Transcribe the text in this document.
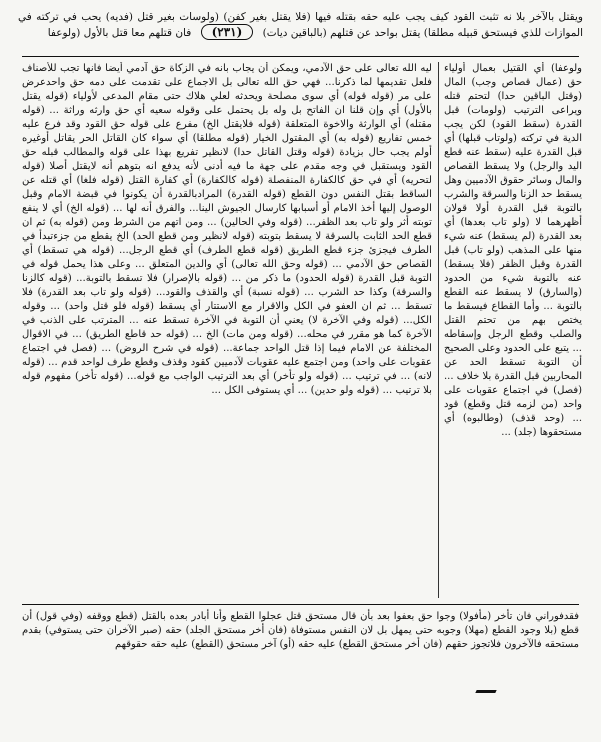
ويقتل بالآخر بلا نه تثبت القود كيف يجب عليه حقه بقتله فيها (فلا يقتل بغير كفن) (ولوسات بغير قتل (فديه) يحب في تركته في الموازات للذي فيستحق قبيله مطلقا) يقتل بواحد عن قتلهم (بالباقين ديات) (٢٣١) فان قتلهم معا قتل بالأول (ولوعفا
ليه الله تعالى على حق الآدمي، ويمكن أن يجاب بانه في الزكاة حق آدمي أيضا فانها تجب للأصناف فلعل تقديمها لما ذكرنا... فهي حق الله تعالى بل الاجماع على تقدمت على دمه حق واحدعرض على مر (قوله قوله) أي سوى مصلحة ويحدثه لعلي هلاك حتى مقام المدعى لأولياء (قوله يقتل بالأول) أي وإن قلنا ان الفاتح بل وله بل يحتمل على وقوله سعيه أي حق وارثه وراثة ... (قوله مقتله) أي الوارثة والاخوة المتعلقة (قوله فلايقتل الخ) مفرع على قوله حق القود وقد فرع عليه خمس تفاريع (قوله به) أي المقتول الخيار (قوله مطلقا) أي سواء كان القاتل الحر يقاتل أوغيره أولم يجب حال بزيادة (قوله وقتل القاتل حدا) لانظير تفريع بهذا على قوله والمطالب قبله حق القود ويستقبل في وجه مقدم على جهة ما فيه أدنى لأنه يدفع انه بتوهم أنه لايقتل أصلا (قوله لتحريه) أي في حق كالكفارة المنفصلة (قوله كالكفارة) أي كفارة القتل (قوله فلغا) أي قتله عن الساقط بقتل النفس دون القطع (قوله القدرة) المرادبالقدرة أن يكونوا في قبضة الامام وقبل الوصول إليها أخذ الامام أو أسبابها كارسال الجيوش الينا... والفرق أنه لها ... (قوله الخ) أي لا ينفع توبته أثر ولو تاب بعد الظفر... (قوله وفي الحالين) ... ومن اتهم من الشرط ومن (قوله به) ثم ان قطع الحد الثابت بالسرقة لا يسقط بتوبته (قوله لانظير ومن قطع الحد) الخ يقطع من جزءتبدأ في الطرف فيجزئ جزء قطع الطريق (قوله قطع الطرف) أي قطع الرجل... (قوله هي تسقط) أي القصاص حق الآدمي ... (قوله وحق الله تعالى) أي والدين المتعلق ... وعلى هذا يحمل قوله في التوبة قبل القدرة (قوله الحدود) ما ذكر من ... (قوله بالإصرار) فلا تسقط بالتوبة... (قوله كالزنا والسرقة) وكذا حد الشرب ... (قوله نسبة) أي والقذف والقود... (قوله ولو تاب بعد القدرة) فلا تسقط ... ثم ان العفو في الكل والاقرار مع الاستتار أي يسقط (قوله فلو قتل واحد) ... وقوله الكل... (قوله وفي الآخرة لا) يعني أن التوبة في الآخرة تسقط عنه ... المترتب على الذنب في الآخرة كما هو مقرر في محله... (قوله ومن مات) الخ ... (قوله حد قاطع الطريق) ... في الاقوال المختلفة عن الامام فيما إذا قتل الواحد جماعة... (قوله في شرح الروض) ... (فصل في اجتماع عقوبات على واحد) ومن اجتمع عليه عقوبات لآدميين كقود وقذف وقطع طرف لواحد قدم ... (قوله لانه) ... في ترتيب ... (قوله ولو تأخر) أي بعد الترتيب الواجب مع قوله... (قوله تأخر) مفهوم قوله بلا ترتيب ... (قوله ولو حدين) ... أي يستوفى الكل ...
ولوعفا) أي القتيل بعمال أولياء حق (عمال قصاص وجب) المال (وقتل الباقين حدا) لتحتم قتله ويراعى الترتيب (ولومات) قبل القدرة (سقط القود) لكن يجب الدية في تركته (ولوتاب قبلها) أي قبل القدرة عليه (سقط عنه قطع اليد والرجل) ولا يسقط القصاص والمال وسائر حقوق الآدميين وهل يسقط حد الزنا والسرقة والشرب بالتوبة قبل القدرة أولا قولان أظهرهما لا (ولو تاب بعدها) أي بعد القدرة (لم يسقط) عنه شيء منها على المذهب (ولو تاب) قبل القدرة وقبل الظفر (فلا يسقط) عنه بالتوبة شيء من الحدود (والسارق) لا يسقط عنه القطع بالتوبة ... وأما القطاع فيسقط ما يختص بهم من تحتم القتل والصلب وقطع الرجل وإسقاطه ... يتبع على الحدود وعلى الصحيح أن التوبة تسقط الحد عن المحاربين قبل القدرة بلا خلاف ... (فصل) في اجتماع عقوبات على واحد (من لزمه قتل وقطع) قود ... (وحد قذف) (وطالبوه) أي مستحقوها (جلد) ...
فقدفوراني فان تأخر (مأفولا) وجوا حق بعفوا بعد بأن قال مستحق قتل عجلوا القطع وأنا أبادر بعده بالقتل (قطع ووقفه (وفي قول) أن قطع (بلا وجود القطع (مهلا) وجوبه حتى يمهل بل لان النفس مستوفاة (فان أخر مستحق الجلد) حقه (صبر الآخران حتى يستوفي) بقدم مستحقه فالآخرون فلاتجوز حقهم (فان أخر مستحق القطع) عليه حقه (أو) آخر مستحق (القطع) عليه حقه حقوقهم
